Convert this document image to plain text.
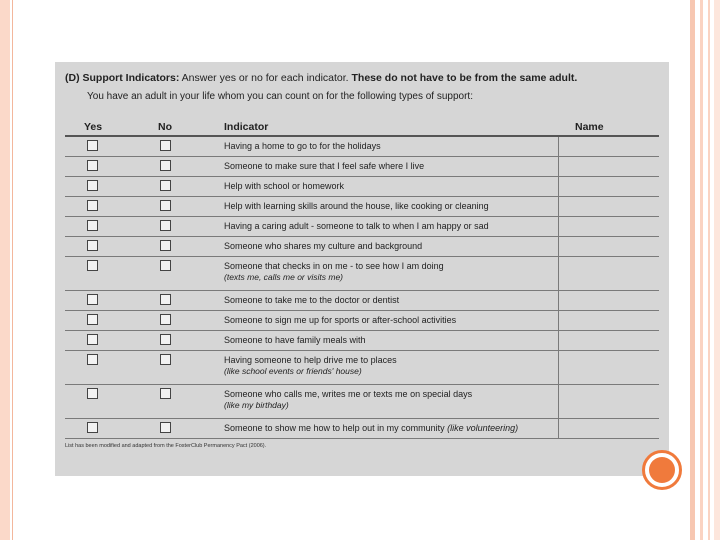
(D) Support Indicators: Answer yes or no for each indicator. These do not have to be from the same adult.
You have an adult in your life whom you can count on for the following types of support:
Yes	No	Indicator	Name

		Having a home to go to for the holidays	

		Someone to make sure that I feel safe where I live	

		Help with school or homework	

		Help with learning skills around the house, like cooking or cleaning	

		Having a caring adult - someone to talk to when I am happy or sad	

		Someone who shares my culture and background	

		Someone that checks in on me - to see how I am doing
(texts me, calls me or visits me)	

		Someone to take me to the doctor or dentist	

		Someone to sign me up for sports or after-school activities	

		Someone to have family meals with	

		Having someone to help drive me to places
(like school events or friends' house)	

		Someone who calls me, writes me or texts me on special days
(like my birthday)	

		Someone to show me how to help out in my community (like volunteering)	

List has been modified and adapted from the FosterClub Permanency Pact (2006).
